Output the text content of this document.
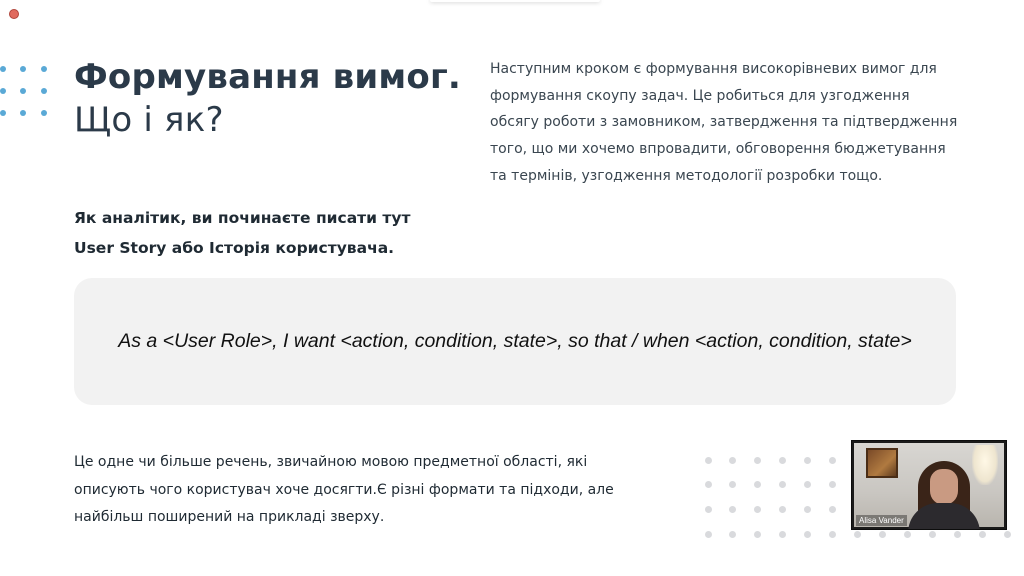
Формування вимог.
Що і як?

Наступним кроком є формування високорівневих вимог для формування скоупу задач. Це робиться для узгодження обсягу роботи з замовником, затвердження та підтвердження того, що ми хочемо впровадити, обговорення бюджетування та термінів, узгодження методології розробки тощо.

Як аналітик, ви починаєте писати тут
User Story або Історія користувача.

As a <User Role>, I want <action, condition, state>, so that / when <action, condition, state>

Це одне чи більше речень, звичайною мовою предметної області, які описують чого користувач хоче досягти.Є різні формати та підходи, але найбільш поширений на прикладі зверху.	Alisa Vander
